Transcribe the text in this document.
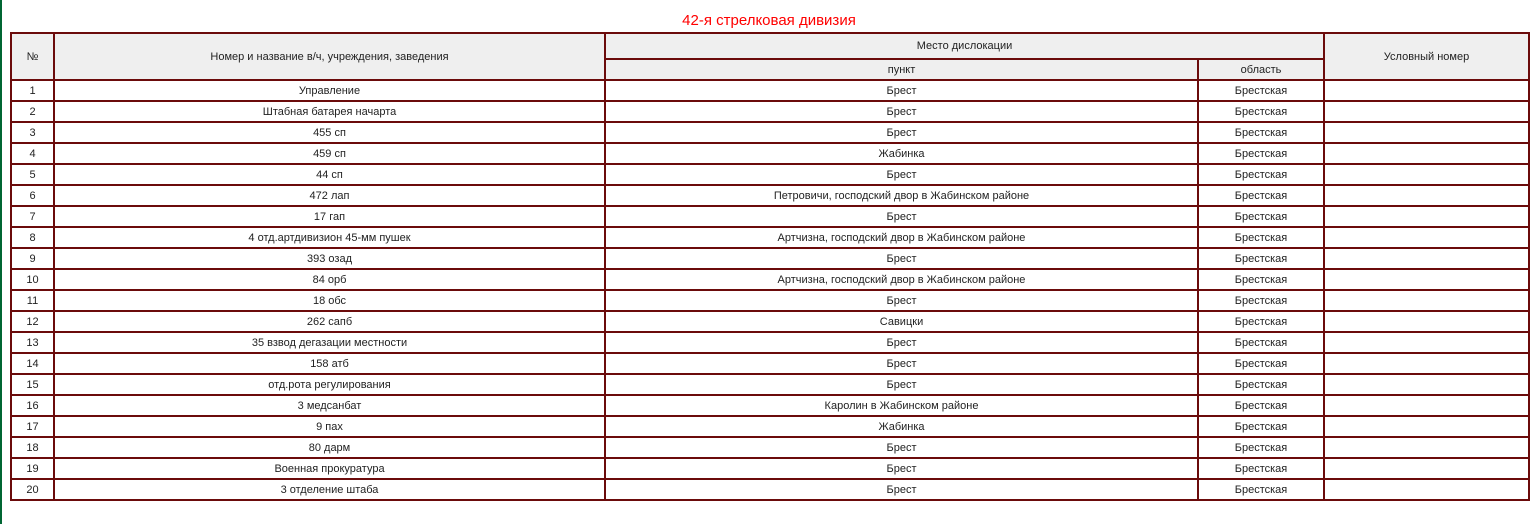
42-я стрелковая дивизия
№	Номер и название в/ч, учреждения, заведения	Место дислокации		Условный номер
		пункт	область	
1	Управление	Брест	Брестская	
2	Штабная батарея начарта	Брест	Брестская	
3	455 сп	Брест	Брестская	
4	459 сп	Жабинка	Брестская	
5	44 сп	Брест	Брестская	
6	472 лап	Петровичи, господский двор в Жабинском районе	Брестская	
7	17 гап	Брест	Брестская	
8	4 отд.артдивизион 45-мм пушек	Артчизна, господский двор в Жабинском районе	Брестская	
9	393 озад	Брест	Брестская	
10	84 орб	Артчизна, господский двор в Жабинском районе	Брестская	
11	18 обс	Брест	Брестская	
12	262 сапб	Савицки	Брестская	
13	35 взвод дегазации местности	Брест	Брестская	
14	158 атб	Брест	Брестская	
15	отд.рота регулирования	Брест	Брестская	
16	3 медсанбат	Каролин в Жабинском районе	Брестская	
17	9 пах	Жабинка	Брестская	
18	80 дарм	Брест	Брестская	
19	Военная прокуратура	Брест	Брестская	
20	3 отделение штаба	Брест	Брестская	
